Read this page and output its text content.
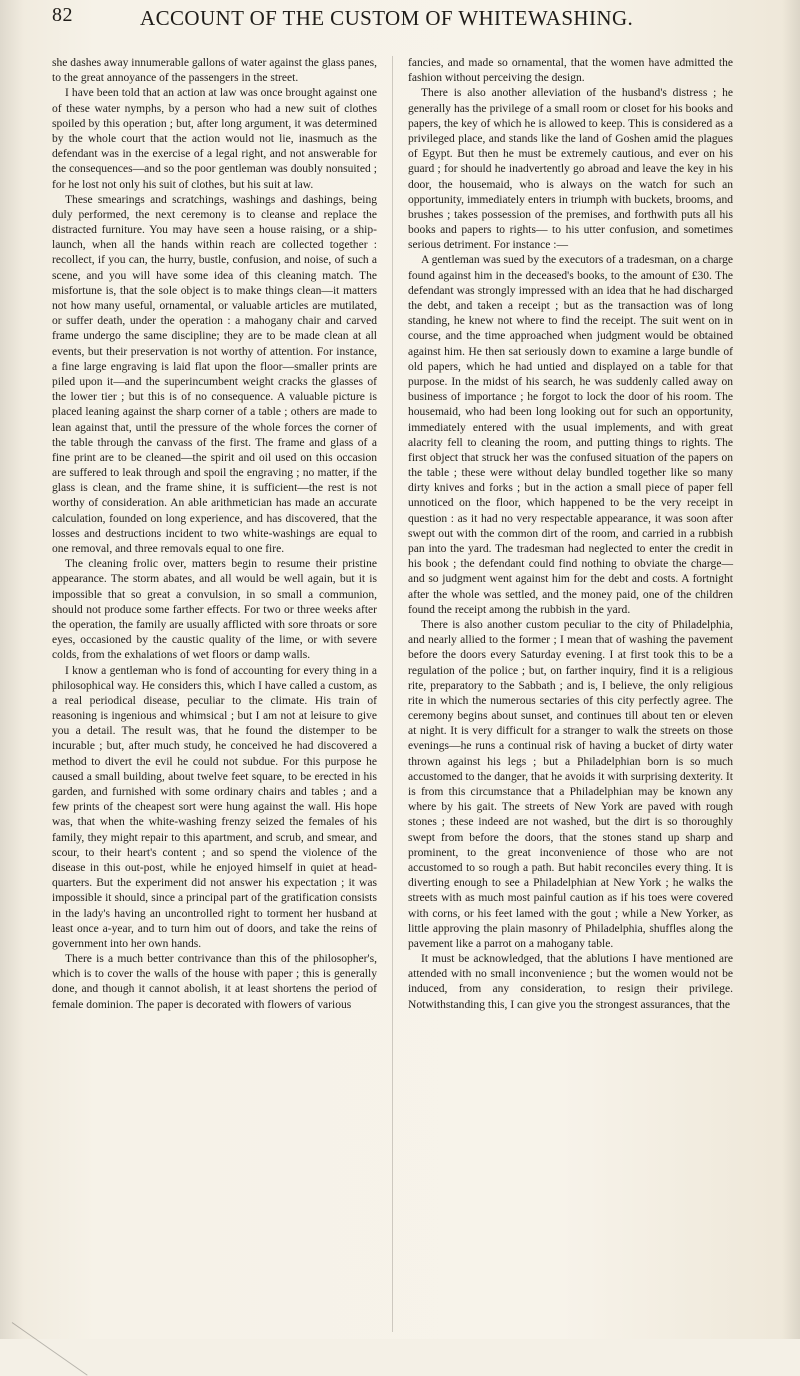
82	ACCOUNT OF THE CUSTOM OF WHITEWASHING.

she dashes away innumerable gallons of water against the glass panes, to the great annoyance of the passengers in the street.

I have been told that an action at law was once brought against one of these water nymphs, by a person who had a new suit of clothes spoiled by this operation ; but, after long argument, it was determined by the whole court that the action would not lie, inasmuch as the defendant was in the exercise of a legal right, and not answerable for the consequences—and so the poor gentleman was doubly nonsuited ; for he lost not only his suit of clothes, but his suit at law.

These smearings and scratchings, washings and dashings, being duly performed, the next ceremony is to cleanse and replace the distracted furniture. You may have seen a house raising, or a ship-launch, when all the hands within reach are collected together : recollect, if you can, the hurry, bustle, confusion, and noise, of such a scene, and you will have some idea of this cleaning match. The misfortune is, that the sole object is to make things clean—it matters not how many useful, ornamental, or valuable articles are mutilated, or suffer death, under the operation : a mahogany chair and carved frame undergo the same discipline; they are to be made clean at all events, but their preservation is not worthy of attention. For instance, a fine large engraving is laid flat upon the floor—smaller prints are piled upon it—and the superincumbent weight cracks the glasses of the lower tier ; but this is of no consequence. A valuable picture is placed leaning against the sharp corner of a table ; others are made to lean against that, until the pressure of the whole forces the corner of the table through the canvass of the first. The frame and glass of a fine print are to be cleaned—the spirit and oil used on this occasion are suffered to leak through and spoil the engraving ; no matter, if the glass is clean, and the frame shine, it is sufficient—the rest is not worthy of consideration. An able arithmetician has made an accurate calculation, founded on long experience, and has discovered, that the losses and destructions incident to two white-washings are equal to one removal, and three removals equal to one fire.

The cleaning frolic over, matters begin to resume their pristine appearance. The storm abates, and all would be well again, but it is impossible that so great a convulsion, in so small a communion, should not produce some farther effects. For two or three weeks after the operation, the family are usually afflicted with sore throats or sore eyes, occasioned by the caustic quality of the lime, or with severe colds, from the exhalations of wet floors or damp walls.

I know a gentleman who is fond of accounting for every thing in a philosophical way. He considers this, which I have called a custom, as a real periodical disease, peculiar to the climate. His train of reasoning is ingenious and whimsical ; but I am not at leisure to give you a detail. The result was, that he found the distemper to be incurable ; but, after much study, he conceived he had discovered a method to divert the evil he could not subdue. For this purpose he caused a small building, about twelve feet square, to be erected in his garden, and furnished with some ordinary chairs and tables ; and a few prints of the cheapest sort were hung against the wall. His hope was, that when the white-washing frenzy seized the females of his family, they might repair to this apartment, and scrub, and smear, and scour, to their heart's content ; and so spend the violence of the disease in this out-post, while he enjoyed himself in quiet at head-quarters. But the experiment did not answer his expectation ; it was impossible it should, since a principal part of the gratification consists in the lady's having an uncontrolled right to torment her husband at least once a-year, and to turn him out of doors, and take the reins of government into her own hands.

There is a much better contrivance than this of the philosopher's, which is to cover the walls of the house with paper ; this is generally done, and though it cannot abolish, it at least shortens the period of female dominion. The paper is decorated with flowers of various

fancies, and made so ornamental, that the women have admitted the fashion without perceiving the design.

There is also another alleviation of the husband's distress ; he generally has the privilege of a small room or closet for his books and papers, the key of which he is allowed to keep. This is considered as a privileged place, and stands like the land of Goshen amid the plagues of Egypt. But then he must be extremely cautious, and ever on his guard ; for should he inadvertently go abroad and leave the key in his door, the housemaid, who is always on the watch for such an opportunity, immediately enters in triumph with buckets, brooms, and brushes ; takes possession of the premises, and forthwith puts all his books and papers to rights— to his utter confusion, and sometimes serious detriment. For instance :—

A gentleman was sued by the executors of a tradesman, on a charge found against him in the deceased's books, to the amount of £30. The defendant was strongly impressed with an idea that he had discharged the debt, and taken a receipt ; but as the transaction was of long standing, he knew not where to find the receipt. The suit went on in course, and the time approached when judgment would be obtained against him. He then sat seriously down to examine a large bundle of old papers, which he had untied and displayed on a table for that purpose. In the midst of his search, he was suddenly called away on business of importance ; he forgot to lock the door of his room. The housemaid, who had been long looking out for such an opportunity, immediately entered with the usual implements, and with great alacrity fell to cleaning the room, and putting things to rights. The first object that struck her was the confused situation of the papers on the table ; these were without delay bundled together like so many dirty knives and forks ; but in the action a small piece of paper fell unnoticed on the floor, which happened to be the very receipt in question : as it had no very respectable appearance, it was soon after swept out with the common dirt of the room, and carried in a rubbish pan into the yard. The tradesman had neglected to enter the credit in his book ; the defendant could find nothing to obviate the charge—and so judgment went against him for the debt and costs. A fortnight after the whole was settled, and the money paid, one of the children found the receipt among the rubbish in the yard.

There is also another custom peculiar to the city of Philadelphia, and nearly allied to the former ; I mean that of washing the pavement before the doors every Saturday evening. I at first took this to be a regulation of the police ; but, on farther inquiry, find it is a religious rite, preparatory to the Sabbath ; and is, I believe, the only religious rite in which the numerous sectaries of this city perfectly agree. The ceremony begins about sunset, and continues till about ten or eleven at night. It is very difficult for a stranger to walk the streets on those evenings—he runs a continual risk of having a bucket of dirty water thrown against his legs ; but a Philadelphian born is so much accustomed to the danger, that he avoids it with surprising dexterity. It is from this circumstance that a Philadelphian may be known any where by his gait. The streets of New York are paved with rough stones ; these indeed are not washed, but the dirt is so thoroughly swept from before the doors, that the stones stand up sharp and prominent, to the great inconvenience of those who are not accustomed to so rough a path. But habit reconciles every thing. It is diverting enough to see a Philadelphian at New York ; he walks the streets with as much most painful caution as if his toes were covered with corns, or his feet lamed with the gout ; while a New Yorker, as little approving the plain masonry of Philadelphia, shuffles along the pavement like a parrot on a mahogany table.

It must be acknowledged, that the ablutions I have mentioned are attended with no small inconvenience ; but the women would not be induced, from any consideration, to resign their privilege. Notwithstanding this, I can give you the strongest assurances, that the
